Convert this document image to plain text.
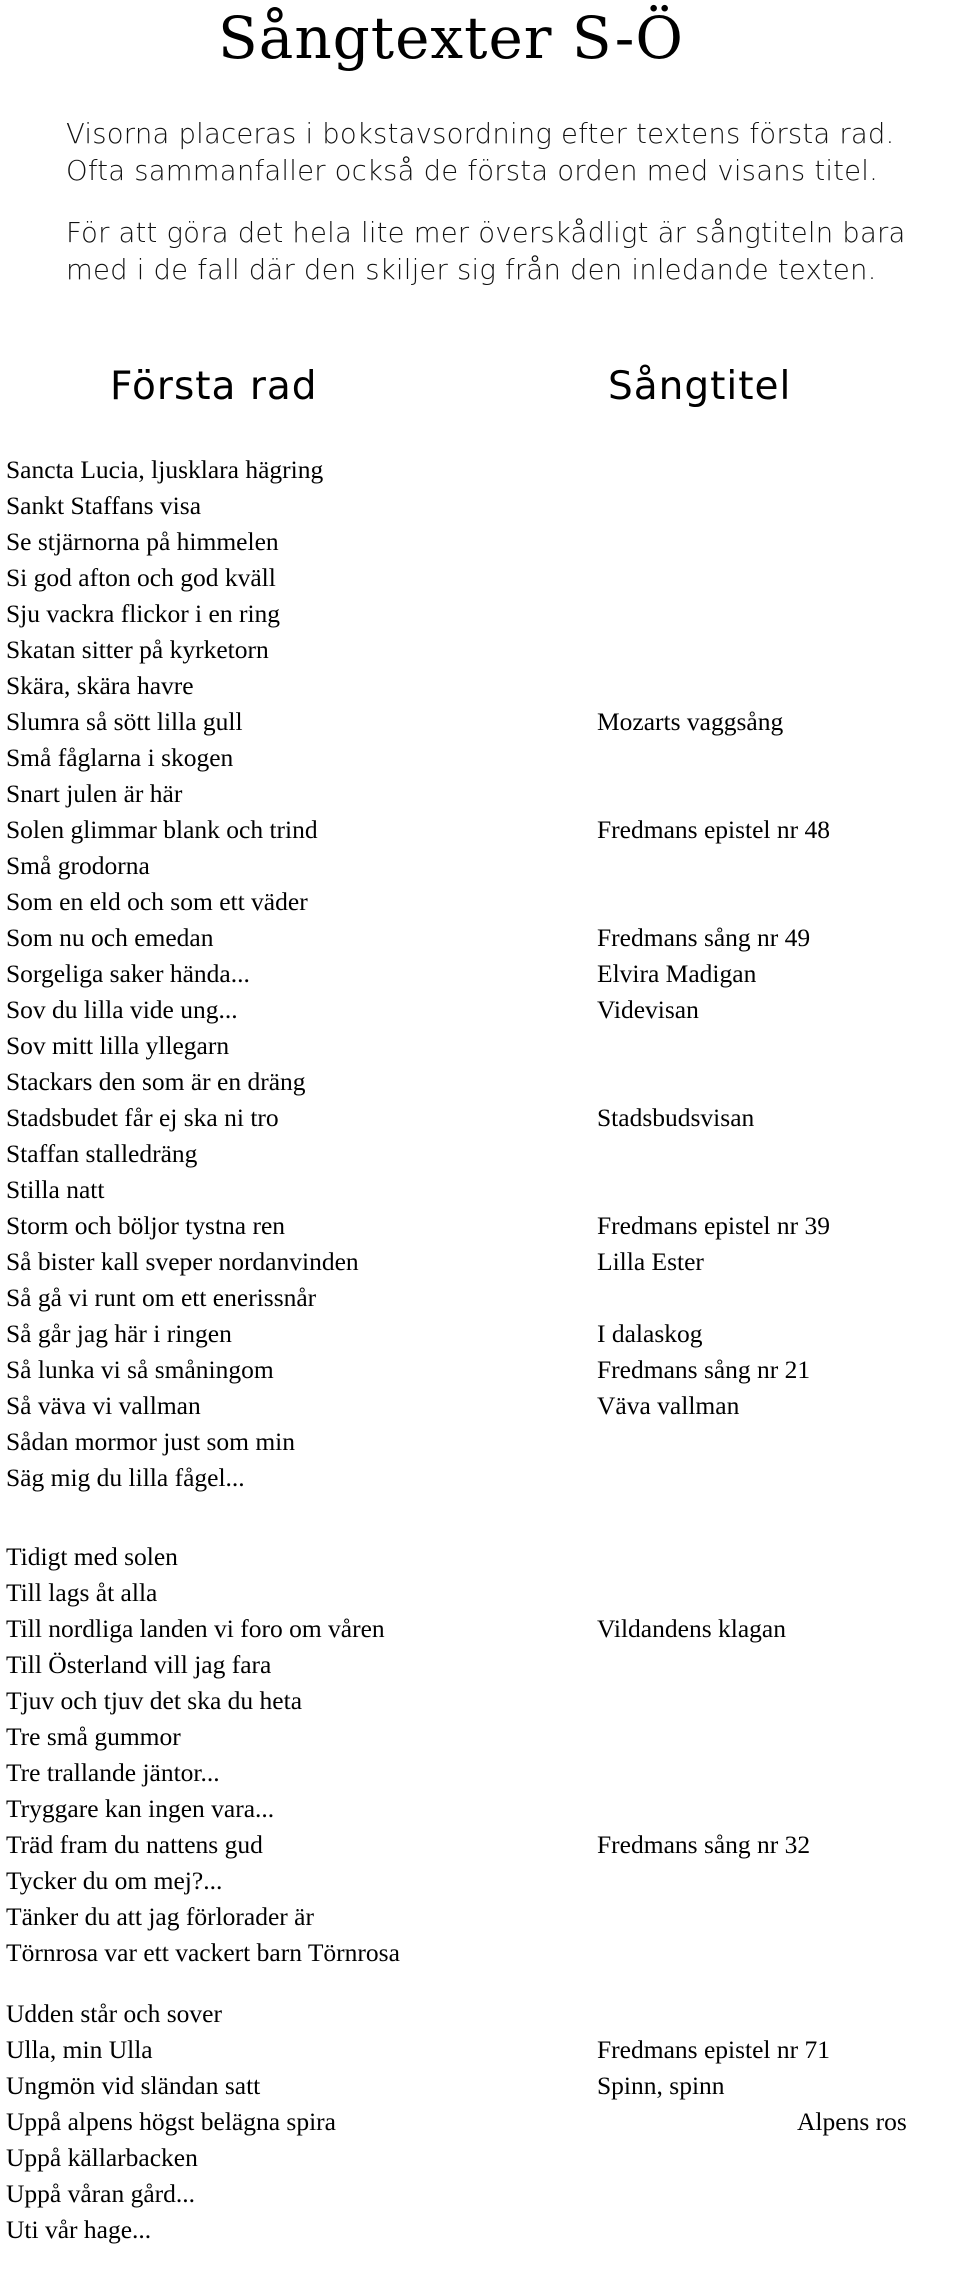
Sångtexter S-Ö

Visorna placeras i bokstavsordning efter textens första rad.

Ofta sammanfaller också de första orden med visans titel.

För att göra det hela lite mer överskådligt är sångtiteln bara

med i de fall där den skiljer sig från den inledande texten.

Första rad	Sångtitel
Sancta Lucia, ljusklara hägring
Sankt Staffans visa
Se stjärnorna på himmelen
Si god afton och god kväll
Sju vackra flickor i en ring
Skatan sitter på kyrketorn
Skära, skära havre
Slumra så sött lilla gull	Mozarts vaggsång
Små fåglarna i skogen
Snart julen är här
Solen glimmar blank och trind	Fredmans epistel nr 48
Små grodorna
Som en eld och som ett väder
Som nu och emedan	Fredmans sång nr 49
Sorgeliga saker hända...	Elvira Madigan
Sov du lilla vide ung...	Videvisan
Sov mitt lilla yllegarn
Stackars den som är en dräng
Stadsbudet får ej ska ni tro	Stadsbudsvisan
Staffan stalledräng
Stilla natt
Storm och böljor tystna ren	Fredmans epistel nr 39
Så bister kall sveper nordanvinden	Lilla Ester
Så gå vi runt om ett enerissnår
Så går jag här i ringen	I dalaskog
Så lunka vi så småningom	Fredmans sång nr 21
Så väva vi vallman	Väva vallman
Sådan mormor just som min
Säg mig du lilla fågel...
Tidigt med solen
Till lags åt alla
Till nordliga landen vi foro om våren	Vildandens klagan
Till Österland vill jag fara
Tjuv och tjuv det ska du heta
Tre små gummor
Tre trallande jäntor...
Tryggare kan ingen vara...
Träd fram du nattens gud	Fredmans sång nr 32
Tycker du om mej?...
Tänker du att jag förlorader är
Törnrosa var ett vackert barn Törnrosa
Udden står och sover
Ulla, min Ulla	Fredmans epistel nr 71
Ungmön vid sländan satt	Spinn, spinn
Uppå alpens högst belägna spira	Alpens ros
Uppå källarbacken
Uppå våran gård...
Uti vår hage...
